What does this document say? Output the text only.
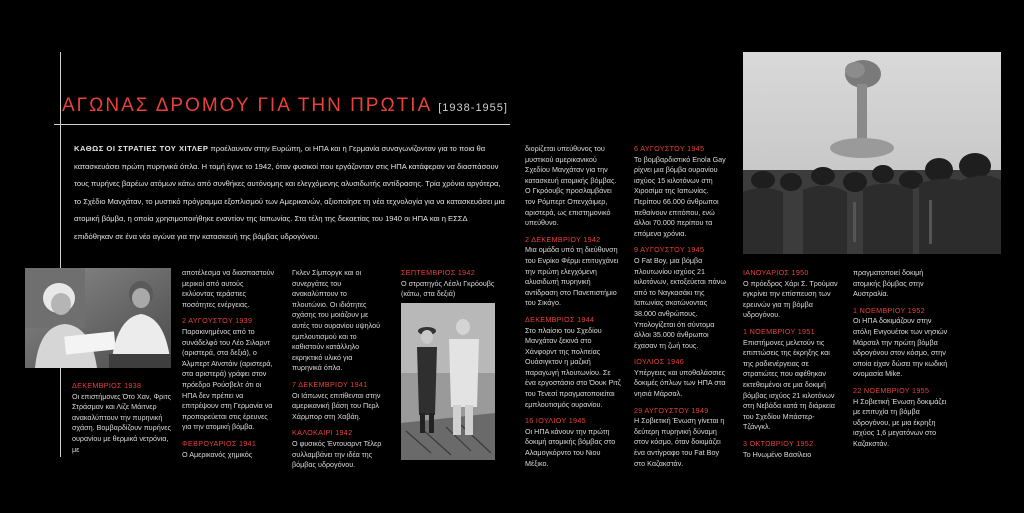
ΑΓΩΝΑΣ ΔΡΟΜΟΥ ΓΙΑ ΤΗΝ ΠΡΩΤΙΑ [1938-1955]
ΚΑΘΩΣ ΟΙ ΣΤΡΑΤΙΕΣ ΤΟΥ ΧΙΤΛΕΡ προέλαυναν στην Ευρώπη, οι ΗΠΑ και η Γερμανία συναγωνίζονταν για το ποια θα κατασκευάσει πρώτη πυρηνικά όπλα. Η τομή έγινε το 1942, όταν φυσικοί που εργάζονταν στις ΗΠΑ κατάφεραν να διασπάσουν τους πυρήνες βαρέων ατόμων κάτω από συνθήκες αυτόνομης και ελεγχόμενης αλυσιδωτής αντίδρασης. Τρία χρόνια αργότερα, το Σχέδιο Μανχάταν, το μυστικό πρόγραμμα εξοπλισμού των Αμερικανών, αξιοποίησε τη νέα τεχνολογία για να κατασκευάσει μια ατομική βόμβα, η οποία χρησιμοποιήθηκε εναντίον της Ιαπωνίας. Στα τέλη της δεκαετίας του 1940 οι ΗΠΑ και η ΕΣΣΔ επιδόθηκαν σε ένα νέο αγώνα για την κατασκευή της βόμβας υδρογόνου.

ΔΕΚΕΜΒΡΙΟΣ 1938
Οι επιστήμονες Ότο Χαν, Φριτς Στράσμαν και Λίζε Μάιτνερ ανακαλύπτουν την πυρηνική σχάση. Βομβαρδίζουν πυρήνες ουρανίου με θερμικά νετρόνια, με

αποτέλεσμα να διασπαστούν μερικοί από αυτούς εκλύοντας τεράστιες ποσότητες ενέργειας.

2 ΑΥΓΟΥΣΤΟΥ 1939
Παρακινημένος από το συνάδελφό του Λέο Σιλαρντ (αριστερά, στα δεξιά), ο Άλμπερτ Αϊνστάιν (αριστερά, στα αριστερά) γράφει στον πρόεδρο Ρούσβελτ ότι οι ΗΠΑ δεν πρέπει να επιτρέψουν στη Γερμανία να προπορεύεται στις έρευνες για την ατομική βόμβα.

ΦΕΒΡΟΥΑΡΙΟΣ 1941
Ο Αμερικανός χημικός

Γκλεν Σίμποργκ και οι συνεργάτες του ανακαλύπτουν το πλουτώνιο. Οι ιδιότητες σχάσης του μοιάζουν με αυτές του ουρανίου υψηλού εμπλουτισμού και το καθιστούν κατάλληλο εκρηκτικό υλικό για πυρηνικά όπλα.

7 ΔΕΚΕΜΒΡΙΟΥ 1941
Οι Ιάπωνες επιτίθενται στην αμερικανική βάση του Περλ Χάρμπορ στη Χαβάη.

ΚΑΛΟΚΑΙΡΙ 1942
Ο φυσικός Έντουαρντ Τέλερ συλλαμβάνει την ιδέα της βόμβας υδρογόνου.

ΣΕΠΤΕΜΒΡΙΟΣ 1942
Ο στρατηγός Λέσλι Γκρόουβς (κάτω, στα δεξιά)

διορίζεται υπεύθυνος του μυστικού αμερικανικού Σχεδίου Μανχάταν για την κατασκευή ατομικής βόμβας. Ο Γκρόουβς προσλαμβάνει τον Ρόμπερτ Οπενχάιμερ, αριστερά, ως επιστημονικό υπεύθυνο.

2 ΔΕΚΕΜΒΡΙΟΥ 1942
Μια ομάδα υπό τη διεύθυνση του Ενρίκο Φέρμι επιτυγχάνει την πρώτη ελεγχόμενη αλυσιδωτή πυρηνική αντίδραση στο Πανεπιστήμιο του Σικάγο.

ΔΕΚΕΜΒΡΙΟΣ 1944
Στο πλαίσιο του Σχεδίου Μανχάταν ξεκινά στο Χάνφορντ της πολιτείας Ουάσιγκτον η μαζική παραγωγή πλουτωνίου. Σε ένα εργοστάσιο στο Όουκ Ριτζ του Τενεσί πραγματοποιείται εμπλουτισμός ουρανίου.

16 ΙΟΥΛΙΟΥ 1945
Οι ΗΠΑ κάνουν την πρώτη δοκιμή ατομικής βόμβας στο Αλαμογκόρντο του Νιου Μέξικο.

6 ΑΥΓΟΥΣΤΟΥ 1945
Το βομβαρδιστικό Enola Gay ρίχνει μια βόμβα ουρανίου ισχύος 15 κιλοτόνων στη Χιροσίμα της Ιαπωνίας. Περίπου 66.000 άνθρωποι πεθαίνουν επιτόπου, ενώ άλλοι 70.000 περίπου τα επόμενα χρόνια.

9 ΑΥΓΟΥΣΤΟΥ 1945
Ο Fat Boy, μια βόμβα πλουτωνίου ισχύος 21 κιλοτόνων, εκτοξεύεται πάνω από το Ναγκασάκι της Ιαπωνίας σκοτώνοντας 38.000 ανθρώπους. Υπολογίζεται ότι σύντομα άλλοι 35.000 άνθρωποι έχασαν τη ζωή τους.

ΙΟΥΛΙΟΣ 1946
Υπέργειες και υποθαλάσσιες δοκιμές όπλων των ΗΠΑ στα νησιά Μάρσαλ.

29 ΑΥΓΟΥΣΤΟΥ 1949
Η Σοβιετική Ένωση γίνεται η δεύτερη πυρηνική δύναμη στον κόσμο, όταν δοκιμάζει ένα αντίγραφο του Fat Boy στο Καζακστάν.

ΙΑΝΟΥΑΡΙΟΣ 1950
Ο πρόεδρος Χάρι Σ. Τρούμαν εγκρίνει την επίσπευση των ερευνών για τη βόμβα υδρογόνου.

1 ΝΟΕΜΒΡΙΟΥ 1951
Επιστήμονες μελετούν τις επιπτώσεις της έκρηξης και της ραδιενέργειας σε στρατιώτες που αφέθηκαν εκτεθειμένοι σε μια δοκιμή βόμβας ισχύος 21 κιλοτόνων στη Νεβάδα κατά τη διάρκεια του Σχεδίου Μπάστερ-Τζάνγκλ.

3 ΟΚΤΩΒΡΙΟΥ 1952
Το Ηνωμένο Βασίλειο

πραγματοποιεί δοκιμή ατομικής βόμβας στην Αυστραλία.

1 ΝΟΕΜΒΡΙΟΥ 1952
Οι ΗΠΑ δοκιμάζουν στην ατόλη Ενιγουέτοκ των νησιών Μάρσαλ την πρώτη βόμβα υδρογόνου στον κόσμο, στην οποία είχαν δώσει την κωδική ονομασία Mike.

22 ΝΟΕΜΒΡΙΟΥ 1955
Η Σοβιετική Ένωση δοκιμάζει με επιτυχία τη βόμβα υδρογόνου, με μια έκρηξη ισχύος 1,6 μεγατόνων στο Καζακστάν.
